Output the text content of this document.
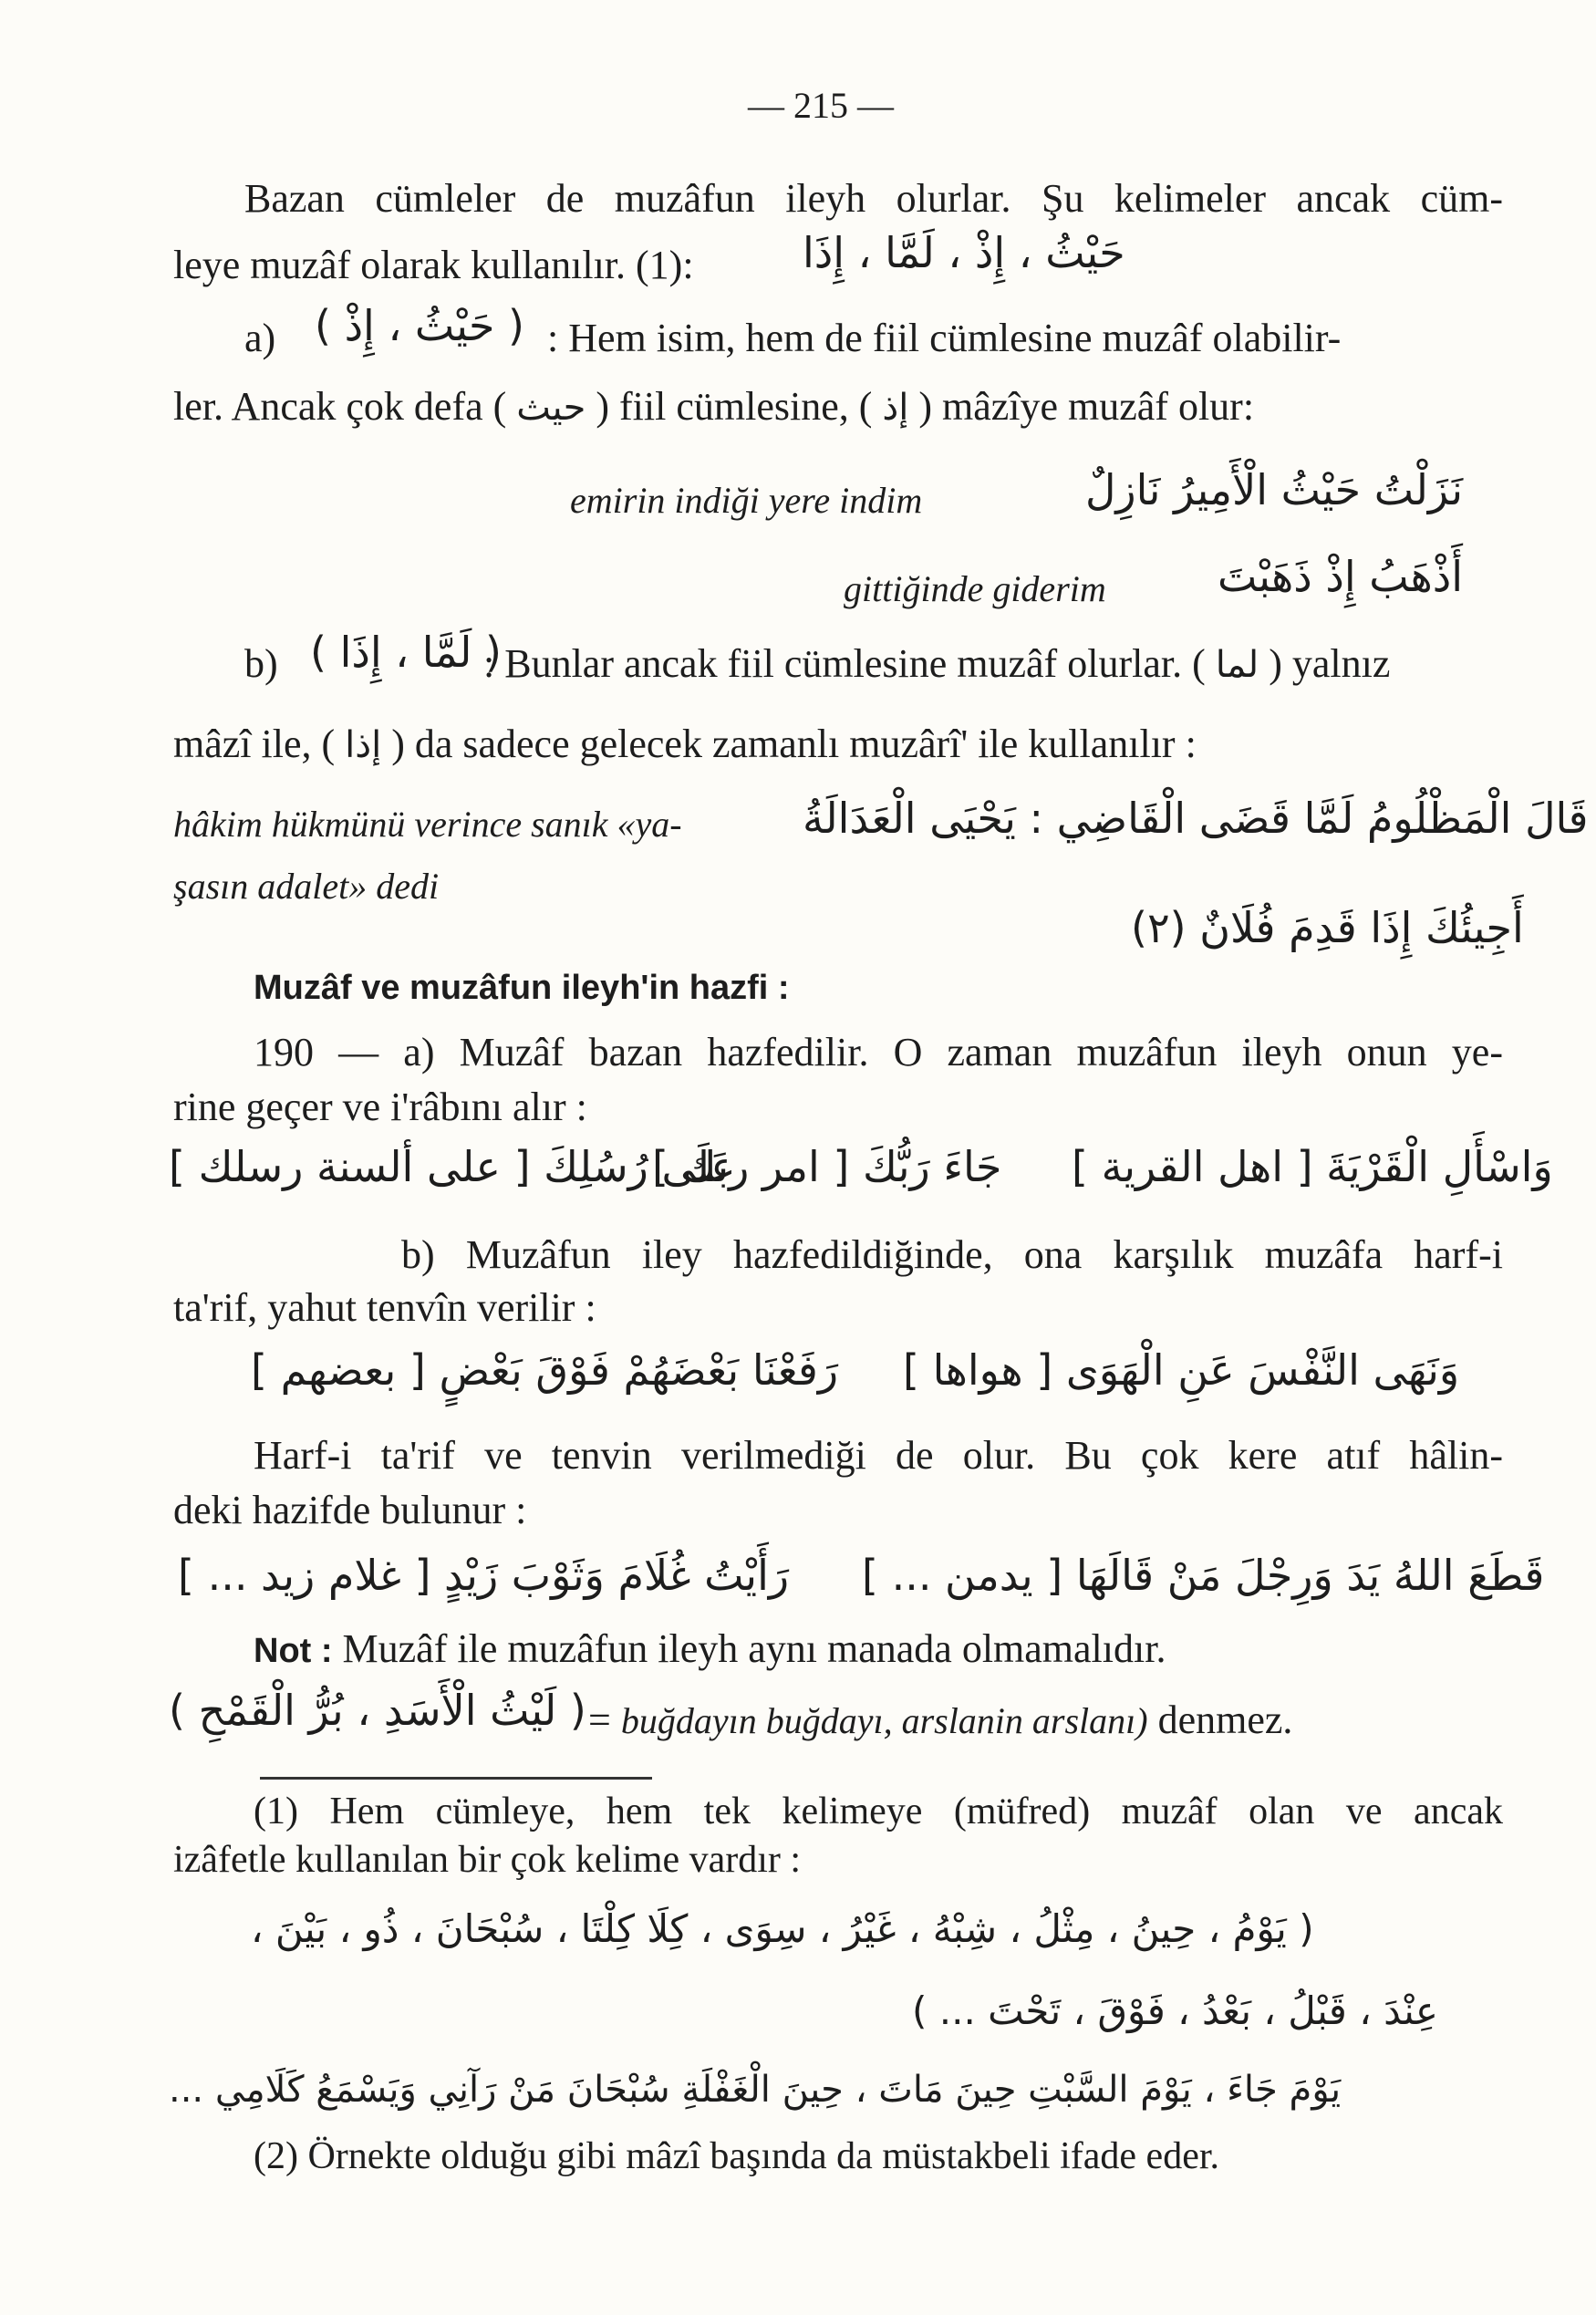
— 215 —
Bazan cümleler de muzâfun ileyh olurlar. Şu kelimeler ancak cüm-
leye muzâf olarak kullanılır. (1):	حَيْثُ ، إِذْ ، لَمَّا ، إِذَا
a) ( حَيْثُ ، إِذْ ) : Hem isim, hem de fiil cümlesine muzâf olabilir-
ler. Ancak çok defa ( حيث ) fiil cümlesine, ( إذ ) mâzîye muzâf olur:
emirin indiği yere indim	نَزَلْتُ حَيْثُ الْأَمِيرُ نَازِلٌ
gittiğinde giderim	أَذْهَبُ إِذْ ذَهَبْتَ
b) ( لَمَّا ، إِذَا )
: Bunlar ancak fiil cümlesine muzâf olurlar. ( لما ) yalnız
mâzî ile, ( إذا ) da sadece gelecek zamanlı muzârî' ile kullanılır :
hâkim hükmünü verince sanık «ya-	قَالَ الْمَظْلُومُ لَمَّا قَضَى الْقَاضِي : يَحْيَى الْعَدَالَةُ
şasın adalet» dedi
أَجِيئُكَ إِذَا قَدِمَ فُلَانٌ (٢)
Muzâf ve muzâfun ileyh'in hazfi :
190 — a) Muzâf bazan hazfedilir. O zaman muzâfun ileyh onun ye-
rine geçer ve i'râbını alır :
وَاسْأَلِ الْقَرْيَةَ [ اهل القرية ]
جَاءَ رَبُّكَ [ امر ربك ]
عَلَى رُسُلِكَ [ على ألسنة رسلك ]
b) Muzâfun iley hazfedildiğinde, ona karşılık muzâfa harf-i
ta'rif, yahut tenvîn verilir :
وَنَهَى النَّفْسَ عَنِ الْهَوَى [ هواها ]
رَفَعْنَا بَعْضَهُمْ فَوْقَ بَعْضٍ [ بعضهم ]
Harf-i ta'rif ve tenvin verilmediği de olur. Bu çok kere atıf hâlin-
deki hazifde bulunur :
قَطَعَ اللهُ يَدَ وَرِجْلَ مَنْ قَالَهَا [ يدمن ... ]
رَأَيْتُ غُلَامَ وَثَوْبَ زَيْدٍ [ غلام زيد ... ]
Not : Muzâf ile muzâfun ileyh aynı manada olmamalıdır.
( لَيْثُ الْأَسَدِ ، بُرُّ الْقَمْحِ ) = buğdayın buğdayı, arslanin arslanı) denmez.
(1) Hem cümleye, hem tek kelimeye (müfred) muzâf olan ve ancak
izâfetle kullanılan bir çok kelime vardır :
( يَوْمُ ، حِينُ ، مِثْلُ ، شِبْهُ ، غَيْرُ ، سِوَى ، كِلَا كِلْتَا ، سُبْحَانَ ، ذُو ، بَيْنَ ،
عِنْدَ ، قَبْلُ ، بَعْدُ ، فَوْقَ ، تَحْتَ ... )
يَوْمَ جَاءَ ، يَوْمَ السَّبْتِ حِينَ مَاتَ ، حِينَ الْغَفْلَةِ سُبْحَانَ مَنْ رَآنِي وَيَسْمَعُ كَلَامِي ...
(2) Örnekte olduğu gibi mâzî başında da müstakbeli ifade eder.
